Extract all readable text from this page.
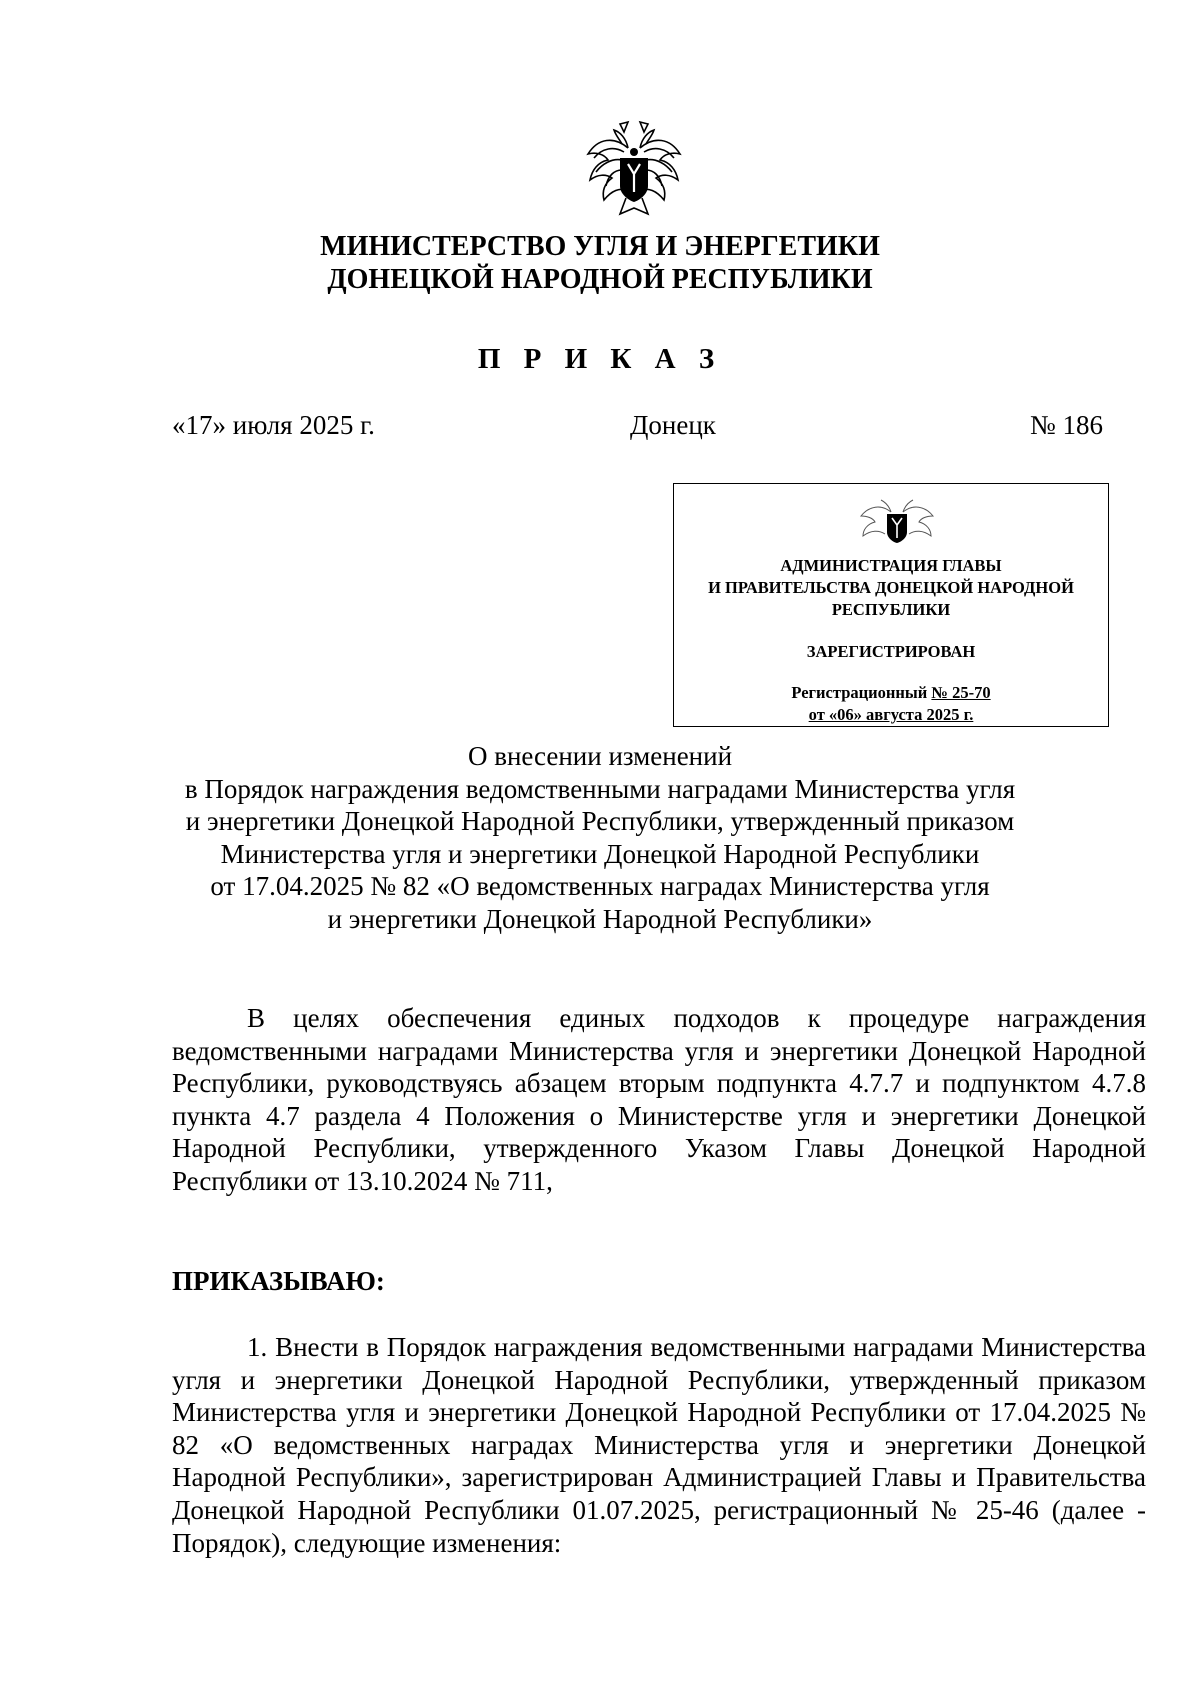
МИНИСТЕРСТВО УГЛЯ И ЭНЕРГЕТИКИ
ДОНЕЦКОЙ НАРОДНОЙ РЕСПУБЛИКИ
П Р И К А З
«17» июля 2025 г.	Донецк	№ 186
АДМИНИСТРАЦИЯ ГЛАВЫ
И ПРАВИТЕЛЬСТВА ДОНЕЦКОЙ НАРОДНОЙ
РЕСПУБЛИКИ
ЗАРЕГИСТРИРОВАН
Регистрационный № 25-70
от «06» августа 2025 г.
О внесении изменений
в Порядок награждения ведомственными наградами Министерства угля
и энергетики Донецкой Народной Республики, утвержденный приказом
Министерства угля и энергетики Донецкой Народной Республики
от 17.04.2025 № 82 «О ведомственных наградах Министерства угля
и энергетики Донецкой Народной Республики»
В целях обеспечения единых подходов к процедуре награждения ведомственными наградами Министерства угля и энергетики Донецкой Народной Республики, руководствуясь абзацем вторым подпункта 4.7.7 и подпунктом 4.7.8 пункта 4.7 раздела 4 Положения о Министерстве угля и энергетики Донецкой Народной Республики, утвержденного Указом Главы Донецкой Народной Республики от 13.10.2024 № 711,
ПРИКАЗЫВАЮ:
1. Внести в Порядок награждения ведомственными наградами Министерства угля и энергетики Донецкой Народной Республики, утвержденный приказом Министерства угля и энергетики Донецкой Народной Республики от 17.04.2025 № 82 «О ведомственных наградах Министерства угля и энергетики Донецкой Народной Республики», зарегистрирован Администрацией Главы и Правительства Донецкой Народной Республики 01.07.2025, регистрационный № 25-46 (далее - Порядок), следующие изменения:
